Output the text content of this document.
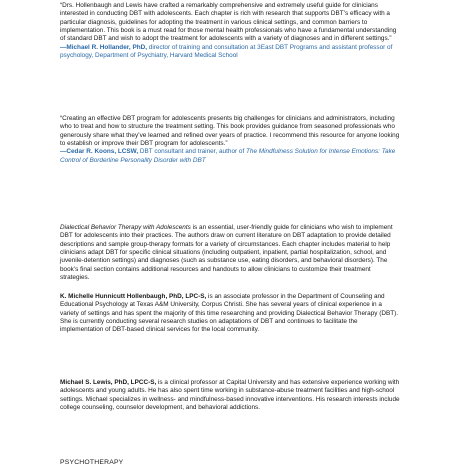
“Drs. Hollenbaugh and Lewis have crafted a remarkably comprehensive and extremely useful guide for clinicians interested in conducting DBT with adolescents. Each chapter is rich with research that supports DBT’s efficacy with a particular diagnosis, guidelines for adopting the treatment in various clinical settings, and common barriers to implementation. This book is a must read for those mental health professionals who have a fundamental understanding of standard DBT and wish to adopt the treatment for adolescents with a variety of diagnoses and in different settings.”
—Michael R. Hollander, PhD, director of training and consultation at 3East DBT Programs and assistant professor of psychology, Department of Psychiatry, Harvard Medical School
“Creating an effective DBT program for adolescents presents big challenges for clinicians and administrators, including who to treat and how to structure the treatment setting. This book provides guidance from seasoned professionals who generously share what they’ve learned and refined over years of practice. I recommend this resource for anyone looking to establish or improve their DBT program for adolescents.”
—Cedar R. Koons, LCSW, DBT consultant and trainer, author of The Mindfulness Solution for Intense Emotions: Take Control of Borderline Personality Disorder with DBT
Dialectical Behavior Therapy with Adolescents is an essential, user-friendly guide for clinicians who wish to implement DBT for adolescents into their practices. The authors draw on current literature on DBT adaptation to provide detailed descriptions and sample group-therapy formats for a variety of circumstances. Each chapter includes material to help clinicians adapt DBT for specific clinical situations (including outpatient, inpatient, partial hospitalization, school, and juvenile-detention settings) and diagnoses (such as substance use, eating disorders, and behavioral disorders). The book’s final section contains additional resources and handouts to allow clinicians to customize their treatment strategies.
K. Michelle Hunnicutt Hollenbaugh, PhD, LPC-S, is an associate professor in the Department of Counseling and Educational Psychology at Texas A&M University, Corpus Christi. She has several years of clinical experience in a variety of settings and has spent the majority of this time researching and providing Dialectical Behavior Therapy (DBT). She is currently conducting several research studies on adaptations of DBT and continues to facilitate the implementation of DBT-based clinical services for the local community.
Michael S. Lewis, PhD, LPCC-S, is a clinical professor at Capital University and has extensive experience working with adolescents and young adults. He has also spent time working in substance-abuse treatment facilities and high-school settings. Michael specializes in wellness- and mindfulness-based innovative interventions. His research interests include college counseling, counselor development, and behavioral addictions.
PSYCHOTHERAPY
